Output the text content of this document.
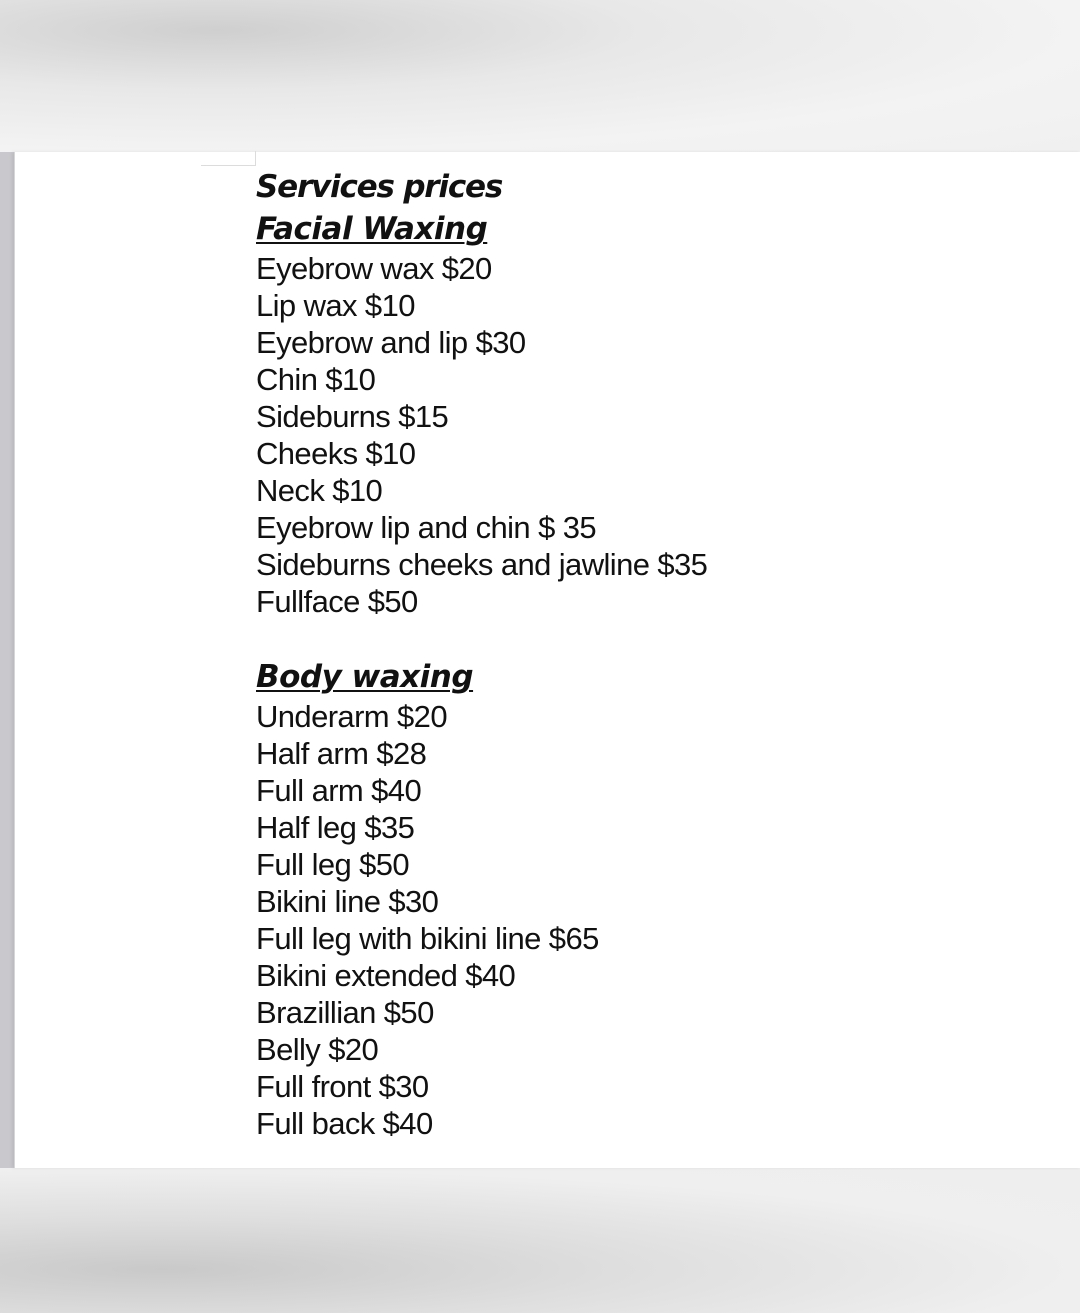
Services prices
Facial Waxing
Eyebrow wax $20
Lip wax $10
Eyebrow and lip $30
Chin $10
Sideburns $15
Cheeks $10
Neck $10
Eyebrow lip and chin $ 35
Sideburns cheeks and jawline $35
Fullface $50
Body waxing
Underarm $20
Half arm $28
Full arm $40
Half leg $35
Full leg $50
Bikini line $30
Full leg with bikini line $65
Bikini extended $40
Brazillian $50
Belly $20
Full front $30
Full back $40
